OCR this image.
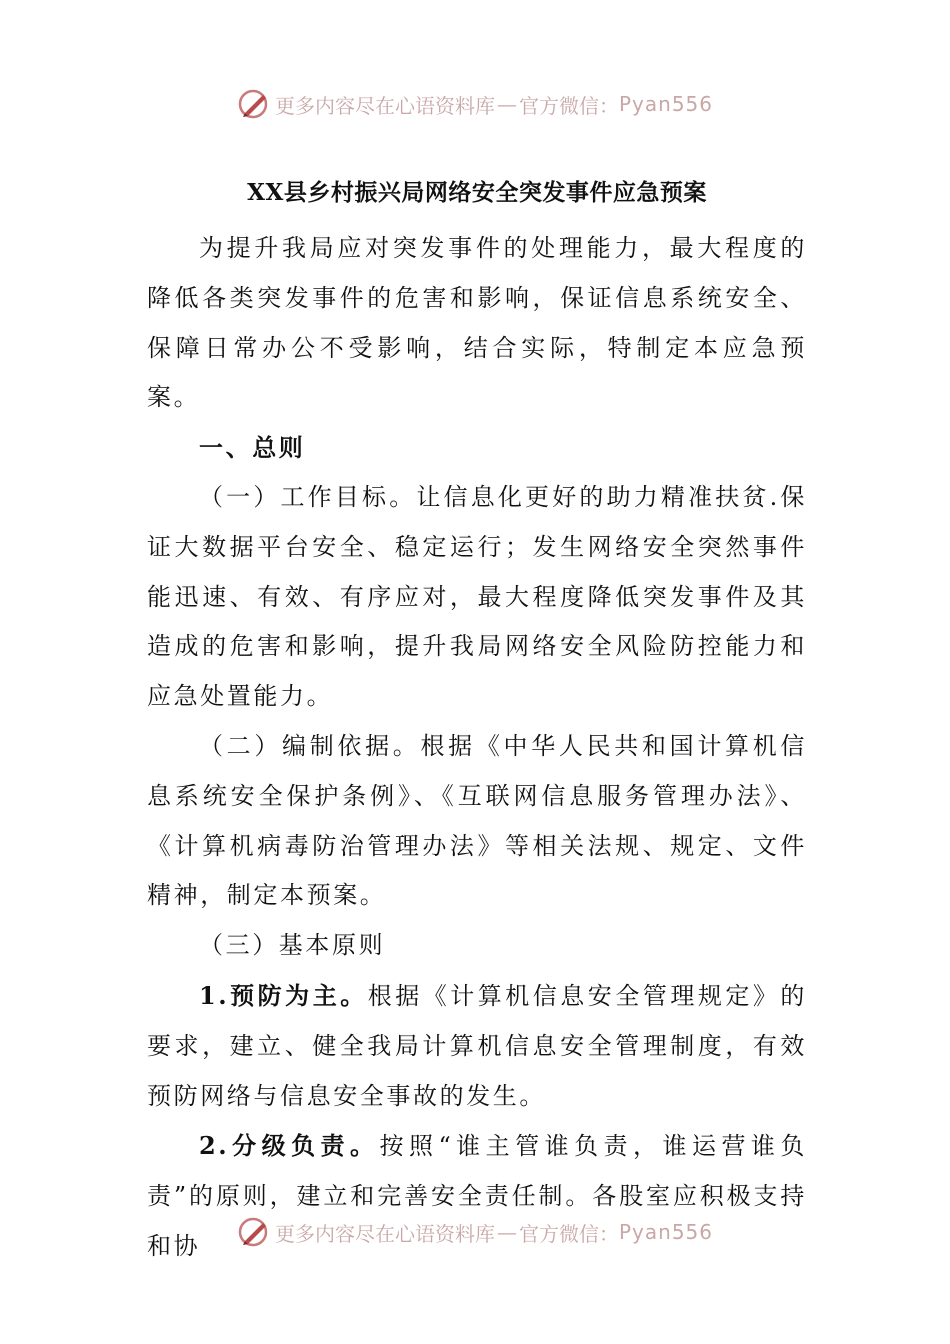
更多内容尽在心语资料库 — 官方微信： Pyan556
XX县乡村振兴局网络安全突发事件应急预案

为提升我局应对突发事件的处理能力，最大程度的降低各类突发事件的危害和影响，保证信息系统安全、保障日常办公不受影响，结合实际，特制定本应急预案。

一、总则

（一）工作目标。让信息化更好的助力精准扶贫.保证大数据平台安全、稳定运行；发生网络安全突然事件能迅速、有效、有序应对，最大程度降低突发事件及其造成的危害和影响，提升我局网络安全风险防控能力和应急处置能力。

（二）编制依据。根据《中华人民共和国计算机信息系统安全保护条例》、《互联网信息服务管理办法》、《计算机病毒防治管理办法》等相关法规、规定、文件精神，制定本预案。

（三）基本原则

1.预防为主。根据《计算机信息安全管理规定》的要求，建立、健全我局计算机信息安全管理制度，有效预防网络与信息安全事故的发生。

2.分级负责。按照“谁主管谁负责，谁运营谁负责”的原则，建立和完善安全责任制。各股室应积极支持和协	更多内容尽在心语资料库 — 官方微信： Pyan556
